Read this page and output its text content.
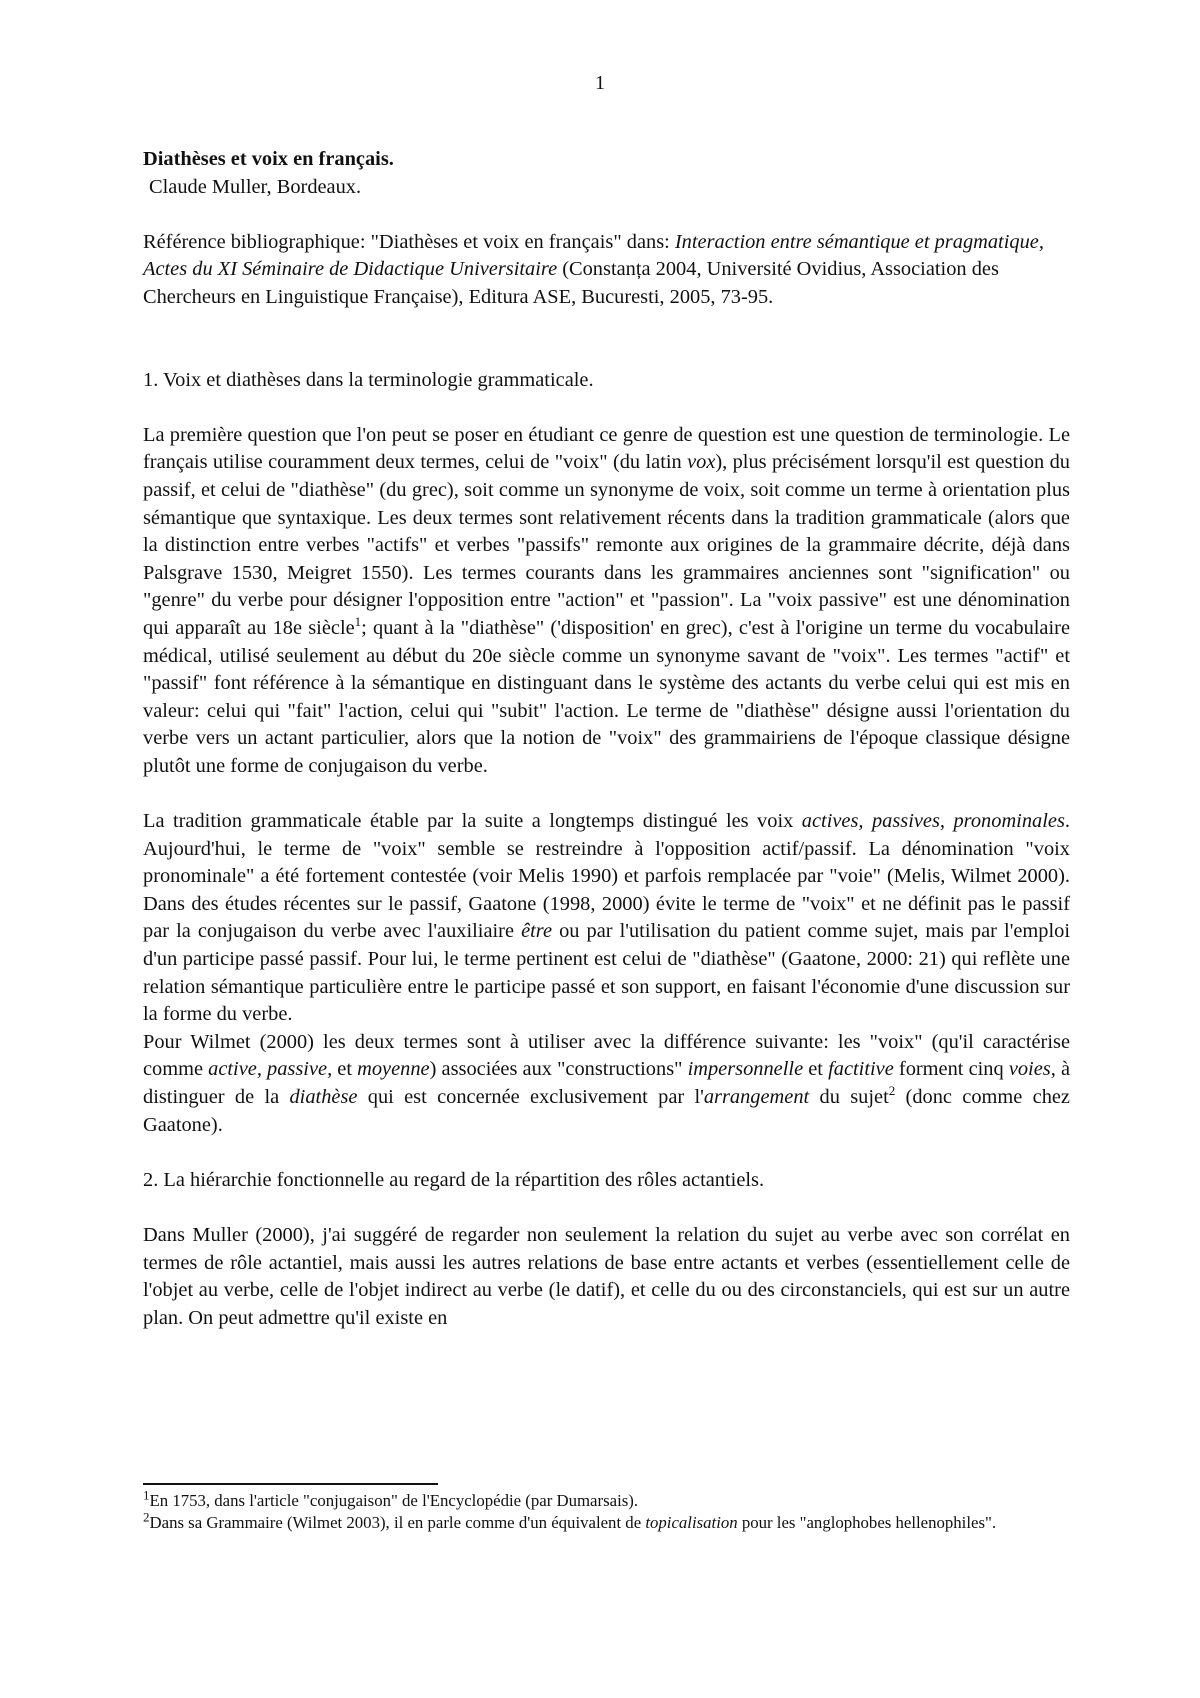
1

Diathèses et voix en français.

Claude Muller, Bordeaux.

Référence bibliographique: "Diathèses et voix en français" dans: Interaction entre sémantique et pragmatique, Actes du XI Séminaire de Didactique Universitaire (Constanța 2004, Université Ovidius, Association des Chercheurs en Linguistique Française), Editura ASE, Bucuresti, 2005, 73-95.

1. Voix et diathèses dans la terminologie grammaticale.

La première question que l'on peut se poser en étudiant ce genre de question est une question de terminologie. Le français utilise couramment deux termes, celui de "voix" (du latin vox), plus précisément lorsqu'il est question du passif, et celui de "diathèse" (du grec), soit comme un synonyme de voix, soit comme un terme à orientation plus sémantique que syntaxique. Les deux termes sont relativement récents dans la tradition grammaticale (alors que la distinction entre verbes "actifs" et verbes "passifs" remonte aux origines de la grammaire décrite, déjà dans Palsgrave 1530, Meigret 1550). Les termes courants dans les grammaires anciennes sont "signification" ou "genre" du verbe pour désigner l'opposition entre "action" et "passion". La "voix passive" est une dénomination qui apparaît au 18e siècle$^1$; quant à la "diathèse" ('disposition' en grec), c'est à l'origine un terme du vocabulaire médical, utilisé seulement au début du 20e siècle comme un synonyme savant de "voix". Les termes "actif" et "passif" font référence à la sémantique en distinguant dans le système des actants du verbe celui qui est mis en valeur: celui qui "fait" l'action, celui qui "subit" l'action. Le terme de "diathèse" désigne aussi l'orientation du verbe vers un actant particulier, alors que la notion de "voix" des grammairiens de l'époque classique désigne plutôt une forme de conjugaison du verbe.

La tradition grammaticale étable par la suite a longtemps distingué les voix actives, passives, pronominales. Aujourd'hui, le terme de "voix" semble se restreindre à l'opposition actif/passif. La dénomination "voix pronominale" a été fortement contestée (voir Melis 1990) et parfois remplacée par "voie" (Melis, Wilmet 2000). Dans des études récentes sur le passif, Gaatone (1998, 2000) évite le terme de "voix" et ne définit pas le passif par la conjugaison du verbe avec l'auxiliaire être ou par l'utilisation du patient comme sujet, mais par l'emploi d'un participe passé passif. Pour lui, le terme pertinent est celui de "diathèse" (Gaatone, 2000: 21) qui reflète une relation sémantique particulière entre le participe passé et son support, en faisant l'économie d'une discussion sur la forme du verbe.

Pour Wilmet (2000) les deux termes sont à utiliser avec la différence suivante: les "voix" (qu'il caractérise comme active, passive, et moyenne) associées aux "constructions" impersonnelle et factitive forment cinq voies, à distinguer de la diathèse qui est concernée exclusivement par l'arrangement du sujet$^2$ (donc comme chez Gaatone).

2. La hiérarchie fonctionnelle au regard de la répartition des rôles actantiels.

Dans Muller (2000), j'ai suggéré de regarder non seulement la relation du sujet au verbe avec son corrélat en termes de rôle actantiel, mais aussi les autres relations de base entre actants et verbes (essentiellement celle de l'objet au verbe, celle de l'objet indirect au verbe (le datif), et celle du ou des circonstanciels, qui est sur un autre plan. On peut admettre qu'il existe en

$^1$En 1753, dans l'article "conjugaison" de l'Encyclopédie (par Dumarsais).

$^2$Dans sa Grammaire (Wilmet 2003), il en parle comme d'un équivalent de topicalisation pour les "anglophobes hellenophiles".
